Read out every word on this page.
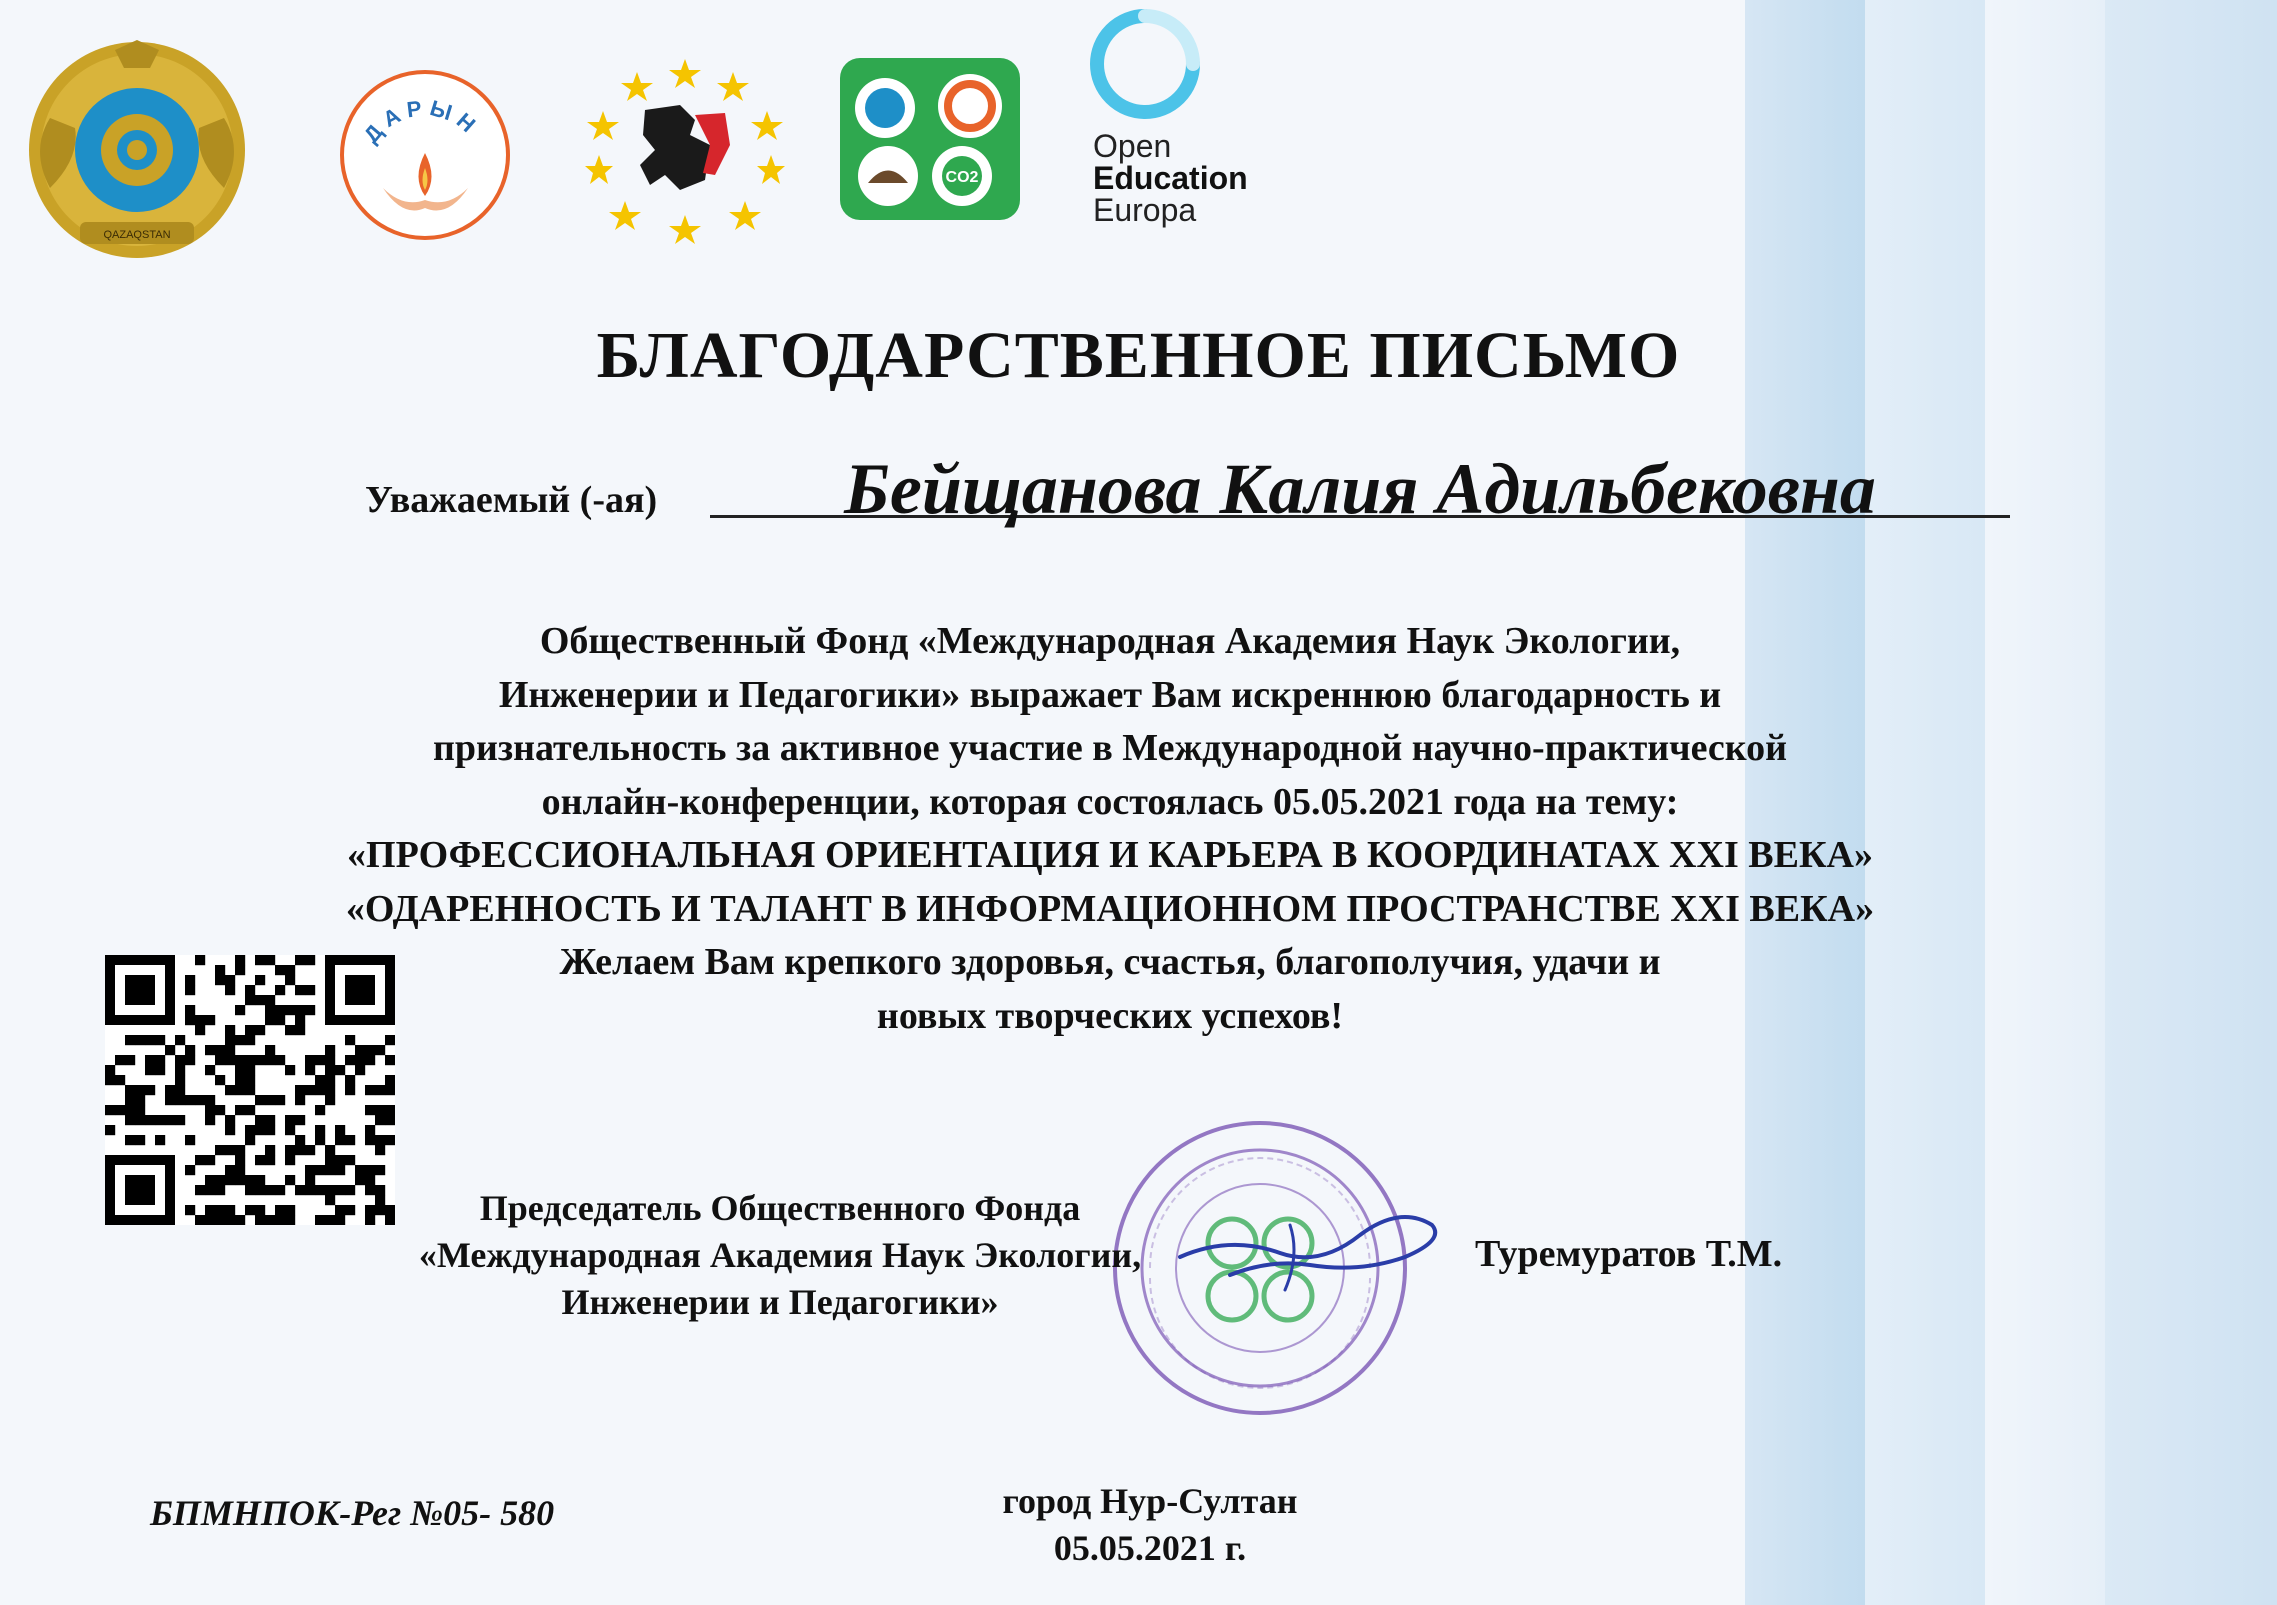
QAZAQSTAN
ДАРЫН
CO2
Open
Education
Europa
БЛАГОДАРСТВЕННОЕ ПИСЬМО
Уважаемый (-ая)	Бейщанова Калия Адильбековна
Общественный Фонд «Международная Академия Наук Экологии,
Инженерии и Педагогики» выражает Вам искреннюю благодарность и
признательность за активное участие в Международной научно-практической
онлайн-конференции, которая состоялась 05.05.2021 года на тему:
«ПРОФЕССИОНАЛЬНАЯ ОРИЕНТАЦИЯ И КАРЬЕРА В КООРДИНАТАХ XXI ВЕКА»
«ОДАРЕННОСТЬ И ТАЛАНТ В ИНФОРМАЦИОННОМ ПРОСТРАНСТВЕ XXI ВЕКА»
Желаем Вам крепкого здоровья, счастья, благополучия, удачи и
новых творческих успехов!
Председатель Общественного Фонда
«Международная Академия Наук Экологии,
Инженерии и Педагогики»
Туремуратов Т.М.
БПМНПОК-Рег №05- 580	город Нур-Султан
05.05.2021 г.
